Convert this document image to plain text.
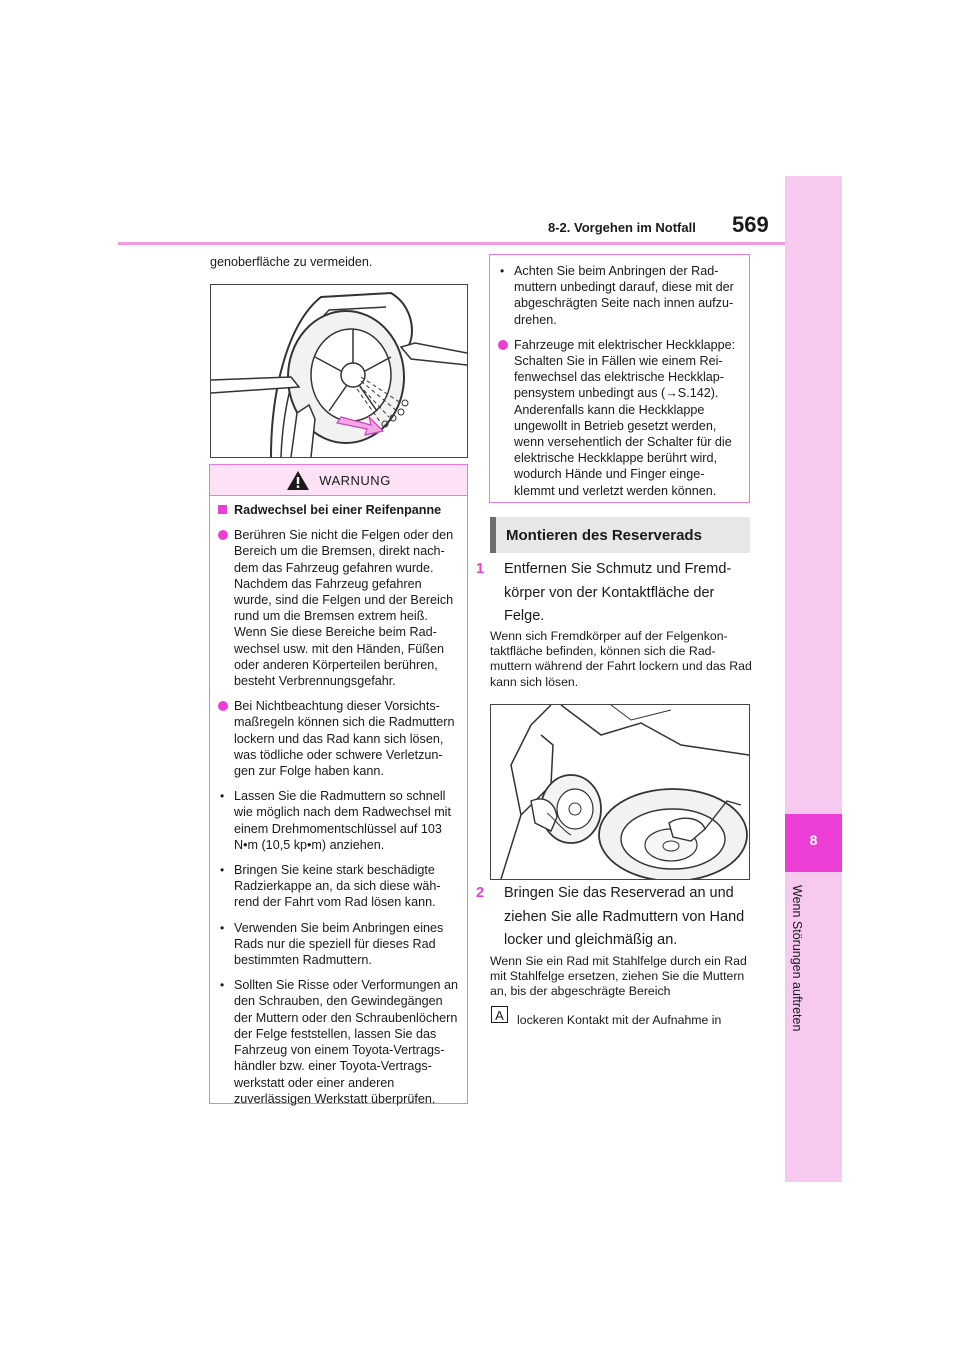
8-2. Vorgehen im Notfall 569
8
Wenn Störungen auftreten
genoberfläche zu vermeiden.
WARNUNG
Radwechsel bei einer Reifenpanne
Berühren Sie nicht die Felgen oder den Bereich um die Bremsen, direkt nach-dem das Fahrzeug gefahren wurde. Nachdem das Fahrzeug gefahren wurde, sind die Felgen und der Bereich rund um die Bremsen extrem heiß. Wenn Sie diese Bereiche beim Rad-wechsel usw. mit den Händen, Füßen oder anderen Körperteilen berühren, besteht Verbrennungsgefahr.
Bei Nichtbeachtung dieser Vorsichts-maßregeln können sich die Radmuttern lockern und das Rad kann sich lösen, was tödliche oder schwere Verletzun-gen zur Folge haben kann.
• Lassen Sie die Radmuttern so schnell wie möglich nach dem Radwechsel mit einem Drehmomentschlüssel auf 103 N•m (10,5 kp•m) anziehen.
• Bringen Sie keine stark beschädigte Radzierkappe an, da sich diese wäh-rend der Fahrt vom Rad lösen kann.
• Verwenden Sie beim Anbringen eines Rads nur die speziell für dieses Rad bestimmten Radmuttern.
• Sollten Sie Risse oder Verformungen an den Schrauben, den Gewindegängen der Muttern oder den Schraubenlöchern der Felge feststellen, lassen Sie das Fahrzeug von einem Toyota-Vertrags-händler bzw. einer Toyota-Vertrags-werkstatt oder einer anderen zuverlässigen Werkstatt überprüfen.
• Achten Sie beim Anbringen der Rad-muttern unbedingt darauf, diese mit der abgeschrägten Seite nach innen aufzu-drehen.
Fahrzeuge mit elektrischer Heckklappe: Schalten Sie in Fällen wie einem Rei-fenwechsel das elektrische Heckklap-pensystem unbedingt aus (→S.142). Anderenfalls kann die Heckklappe ungewollt in Betrieb gesetzt werden, wenn versehentlich der Schalter für die elektrische Heckklappe berührt wird, wodurch Hände und Finger einge-klemmt und verletzt werden können.
Montieren des Reserverads
1 Entfernen Sie Schmutz und Fremd-körper von der Kontaktfläche der Felge.
Wenn sich Fremdkörper auf der Felgenkon-taktfläche befinden, können sich die Rad-muttern während der Fahrt lockern und das Rad kann sich lösen.
2 Bringen Sie das Reserverad an und ziehen Sie alle Radmuttern von Hand locker und gleichmäßig an.
Wenn Sie ein Rad mit Stahlfelge durch ein Rad mit Stahlfelge ersetzen, ziehen Sie die Muttern an, bis der abgeschrägte Bereich
A	lockeren Kontakt mit der Aufnahme in
